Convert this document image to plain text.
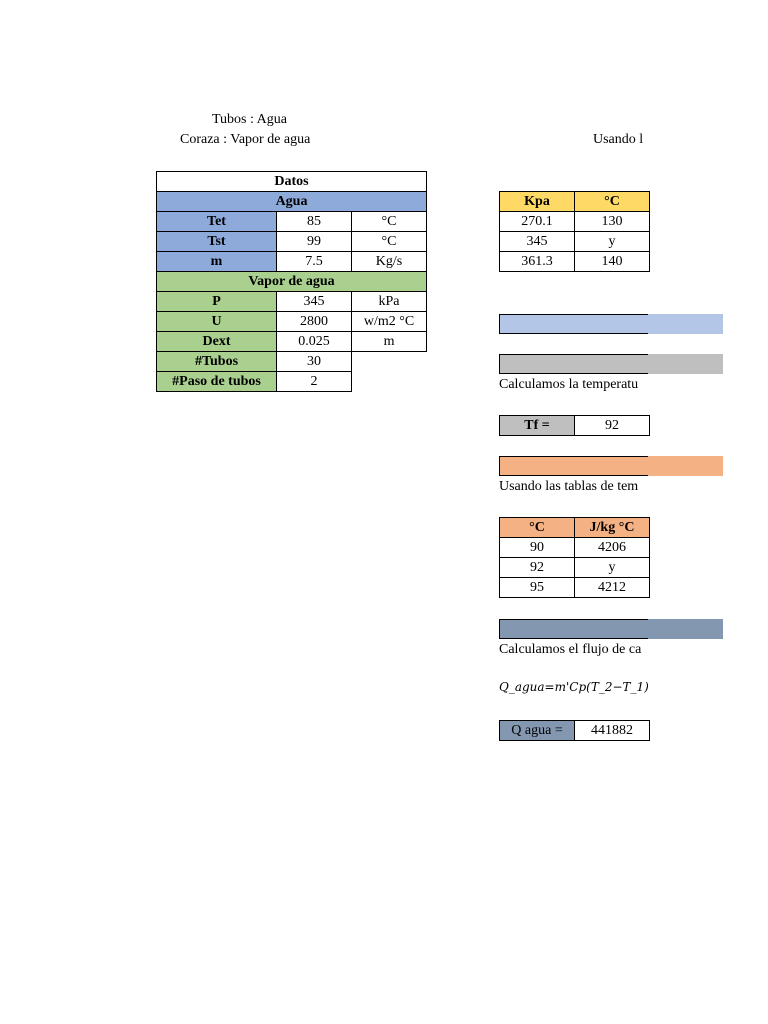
Tubos : Agua
Coraza : Vapor de agua	Usando l
Datos		
Agua		
Tet	85	°C
Tst	99	°C
m	7.5	Kg/s
Vapor de agua		
P	345	kPa
U	2800	w/m2 °C
Dext	0.025	m
#Tubos	30	
#Paso de tubos	2	
Kpa	°C
270.1	130
345	y
361.3	140
Calculamos la temperatu
Tf =	92
Usando las tablas de tem
°C	J/kg °C
90	4206
92	y
95	4212
Calculamos el flujo de ca
Q_agua=m'Cp(T_2−T_1)
Q agua =	441882
